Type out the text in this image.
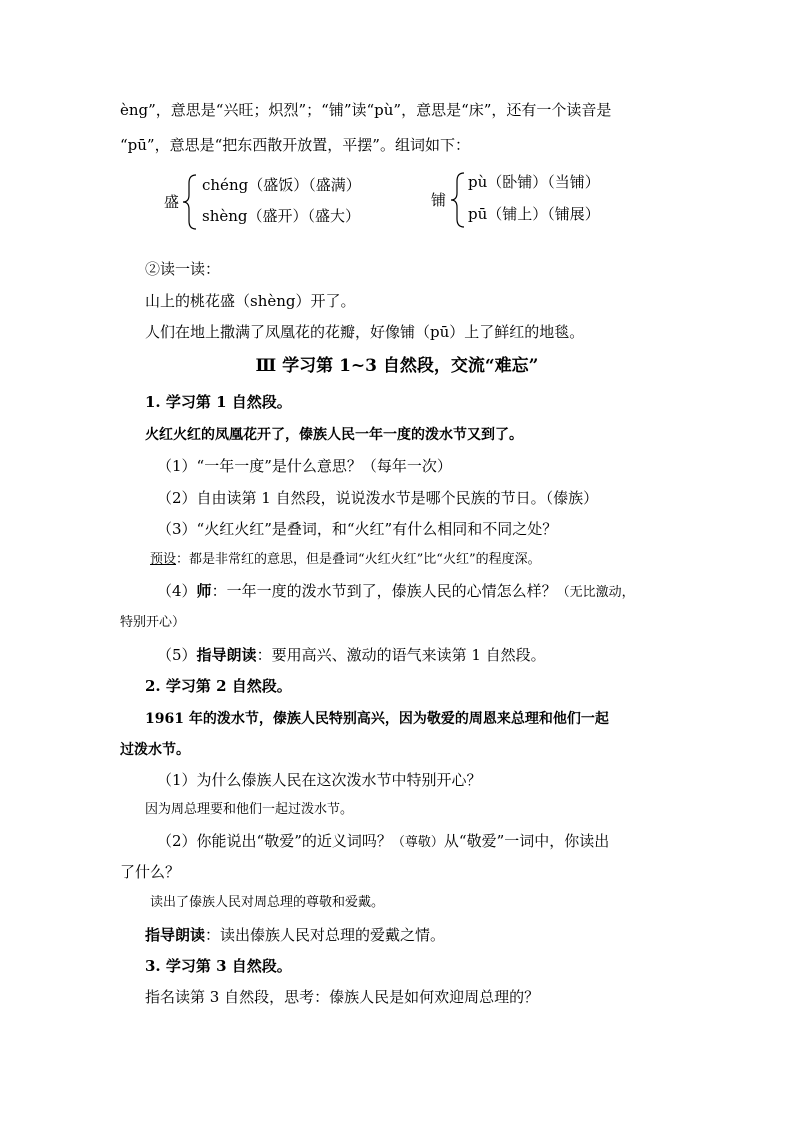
èng”，意思是“兴旺；炽烈”；“铺”读“pù”，意思是“床”，还有一个读音是
“pū”，意思是“把东西散开放置，平摆”。组词如下：
盛
chéng（盛饭）（盛满）
shèng（盛开）（盛大）
铺
pù（卧铺）（当铺）
pū（铺上）（铺展）
②读一读：
山上的桃花盛（shèng）开了。
人们在地上撒满了凤凰花的花瓣，好像铺（pū）上了鲜红的地毯。
Ⅲ 学习第 1~3 自然段，交流“难忘”
1. 学习第 1 自然段。
火红火红的凤凰花开了，傣族人民一年一度的泼水节又到了。
（1）“一年一度”是什么意思？（每年一次）
（2）自由读第 1 自然段，说说泼水节是哪个民族的节日。（傣族）
（3）“火红火红”是叠词，和“火红”有什么相同和不同之处？
预设：都是非常红的意思，但是叠词“火红火红”比“火红”的程度深。
（4）师：一年一度的泼水节到了，傣族人民的心情怎么样？（无比激动，
特别开心）
（5）指导朗读：要用高兴、激动的语气来读第 1 自然段。
2. 学习第 2 自然段。
1961 年的泼水节，傣族人民特别高兴，因为敬爱的周恩来总理和他们一起
过泼水节。
（1）为什么傣族人民在这次泼水节中特别开心？
因为周总理要和他们一起过泼水节。
（2）你能说出“敬爱”的近义词吗？（尊敬）从“敬爱”一词中，你读出
了什么？
读出了傣族人民对周总理的尊敬和爱戴。
指导朗读：读出傣族人民对总理的爱戴之情。
3. 学习第 3 自然段。
指名读第 3 自然段，思考：傣族人民是如何欢迎周总理的？
